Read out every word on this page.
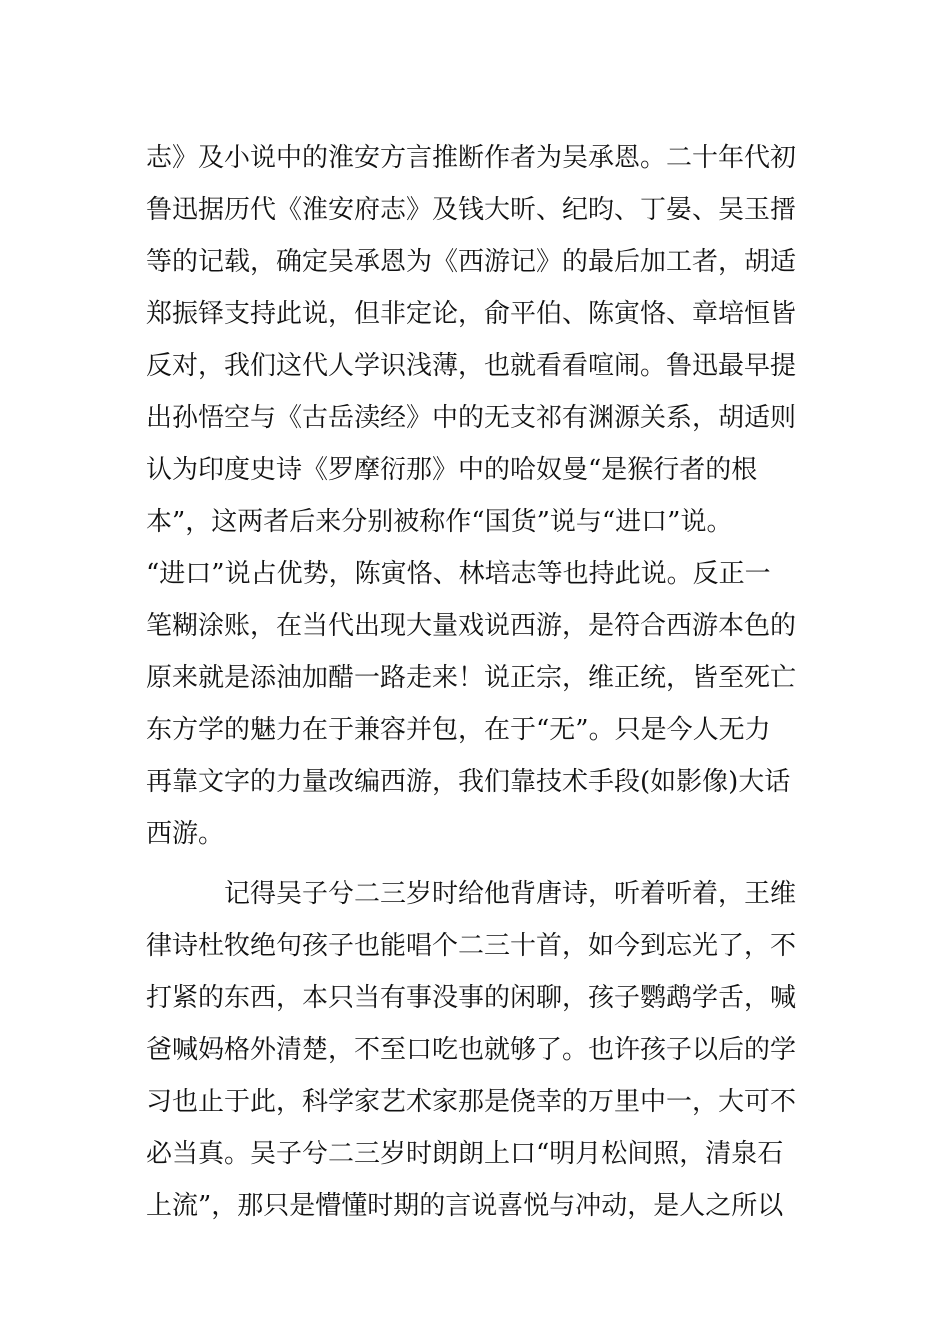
志》及小说中的淮安方言推断作者为吴承恩。二十年代初
鲁迅据历代《淮安府志》及钱大昕、纪昀、丁晏、吴玉搢
等的记载，确定吴承恩为《西游记》的最后加工者，胡适
郑振铎支持此说，但非定论，俞平伯、陈寅恪、章培恒皆
反对，我们这代人学识浅薄，也就看看喧闹。鲁迅最早提
出孙悟空与《古岳渎经》中的无支祁有渊源关系，胡适则
认为印度史诗《罗摩衍那》中的哈奴曼“是猴行者的根
本”，这两者后来分别被称作“国货”说与“进口”说。
“进口”说占优势，陈寅恪、林培志等也持此说。反正一
笔糊涂账，在当代出现大量戏说西游，是符合西游本色的
原来就是添油加醋一路走来！说正宗，维正统，皆至死亡
东方学的魅力在于兼容并包，在于“无”。只是今人无力
再靠文字的力量改编西游，我们靠技术手段(如影像)大话
西游。
记得吴子兮二三岁时给他背唐诗，听着听着，王维
律诗杜牧绝句孩子也能唱个二三十首，如今到忘光了，不
打紧的东西，本只当有事没事的闲聊，孩子鹦鹉学舌，喊
爸喊妈格外清楚，不至口吃也就够了。也许孩子以后的学
习也止于此，科学家艺术家那是侥幸的万里中一，大可不
必当真。吴子兮二三岁时朗朗上口“明月松间照，清泉石
上流”，那只是懵懂时期的言说喜悦与冲动，是人之所以
